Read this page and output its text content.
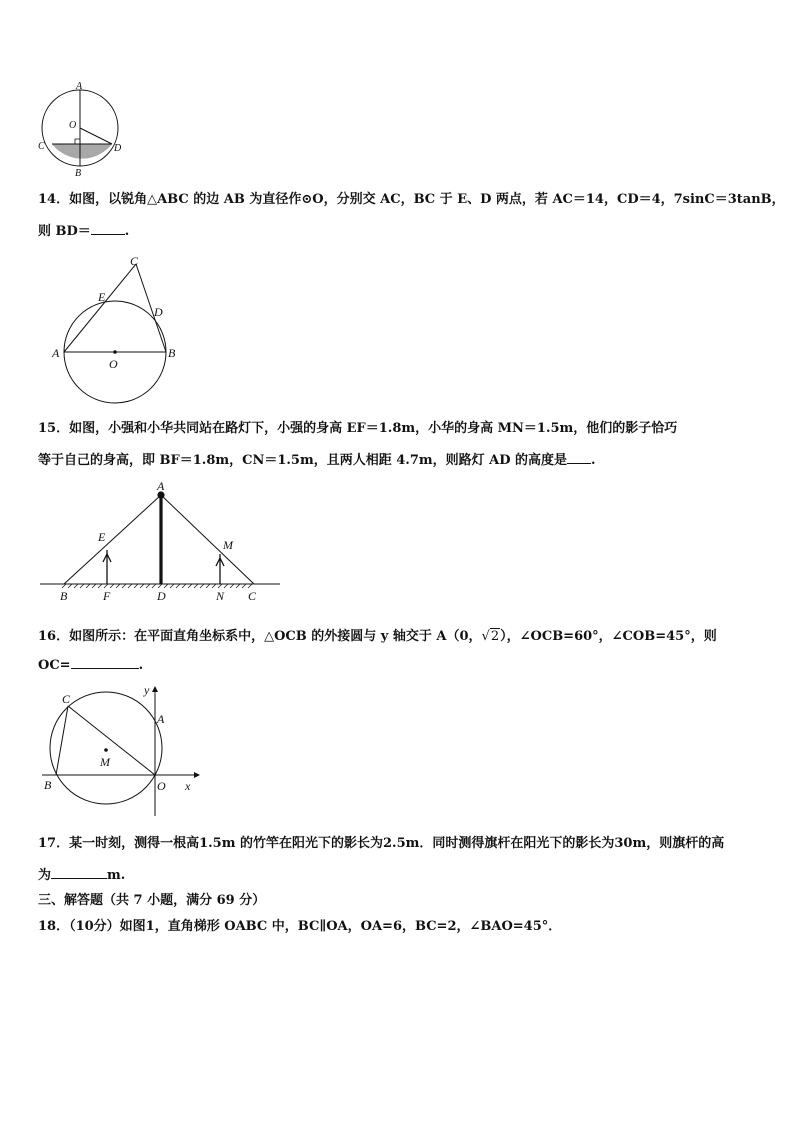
A
O
C	D
B
14．如图，以锐角△ABC 的边 AB 为直径作⊙O，分别交 AC，BC 于 E、D 两点，若 AC＝14，CD＝4，7sinC＝3tanB，
则 BD＝	.
C
E
D
A	B
O
15．如图，小强和小华共同站在路灯下，小强的身高 EF＝1.8m，小华的身高 MN＝1.5m，他们的影子恰巧
等于自己的身高，即 BF＝1.8m，CN＝1.5m，且两人相距 4.7m，则路灯 AD 的高度是 .
A
E
M
B	F	D	N C
16．如图所示：在平面直角坐标系中，△OCB 的外接圆与 y 轴交于 A（0，√2），∠OCB=60°，∠COB=45°，则
OC=	.
y
C
A
M
B	O x
17．某一时刻，测得一根高1.5m 的竹竿在阳光下的影长为2.5m．同时测得旗杆在阳光下的影长为30m，则旗杆的高
为	m.
三、解答题（共 7 小题，满分 69 分）
18．（10分）如图1，直角梯形 OABC 中，BC∥OA，OA=6，BC=2，∠BAO=45°．
